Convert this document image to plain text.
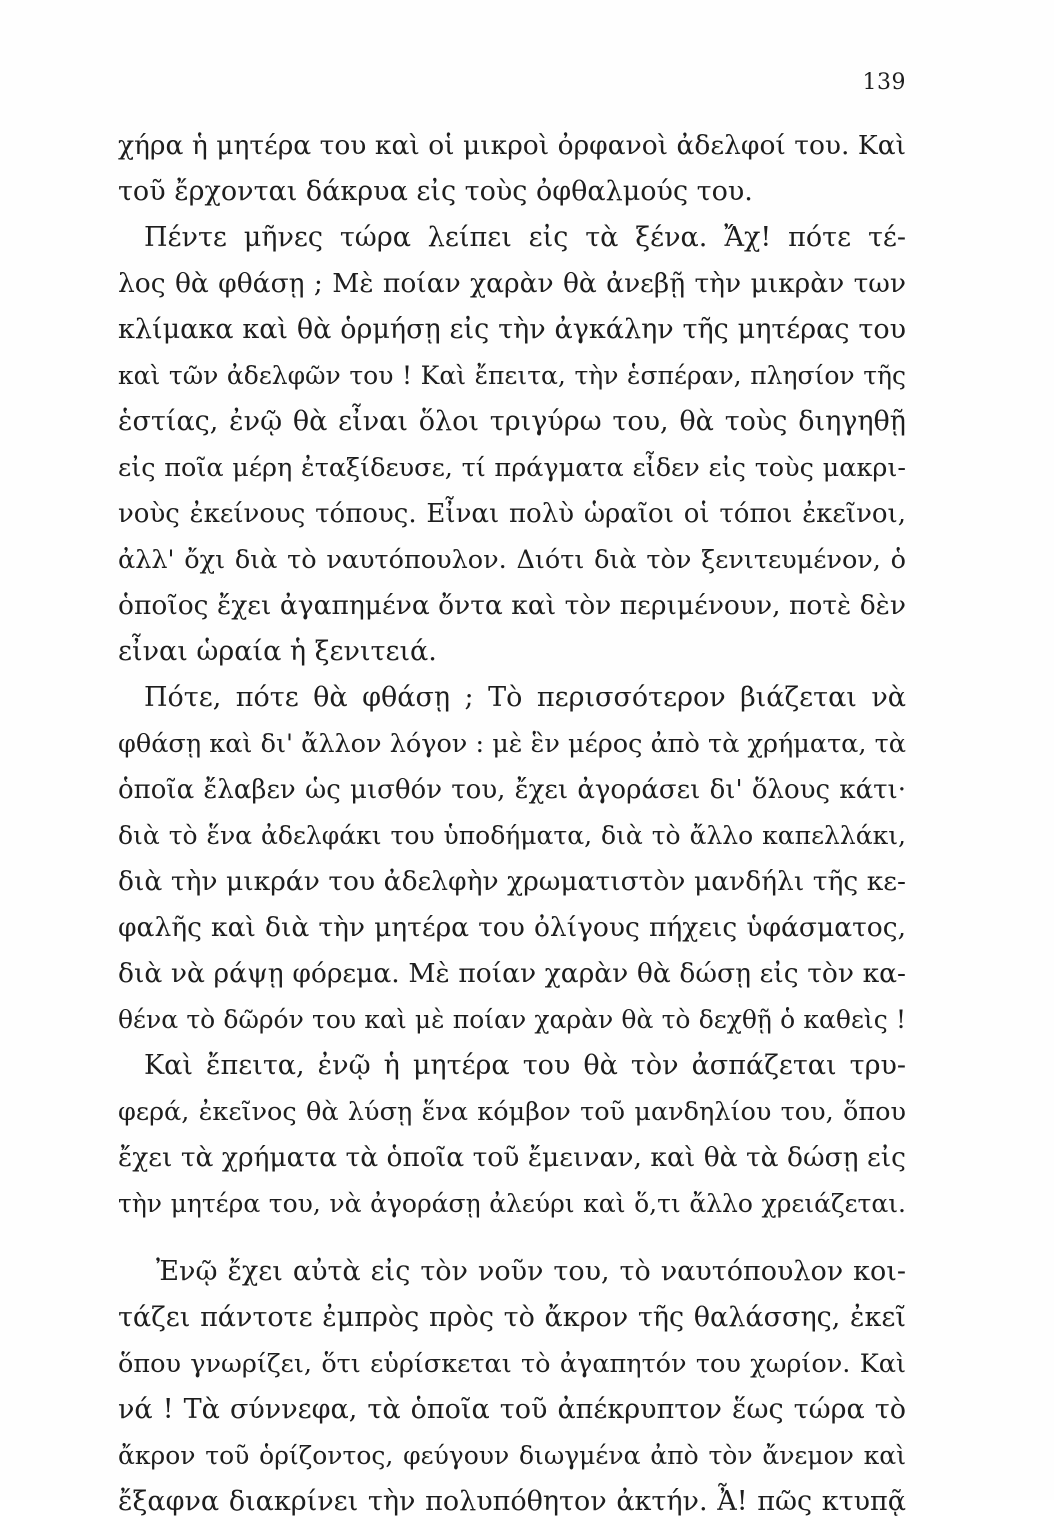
139
χήρα ἡ μητέρα του καὶ οἱ μικροὶ ὀρφανοὶ ἀδελφοί του. Καὶ
τοῦ ἔρχονται δάκρυα εἰς τοὺς ὀφθαλμούς του.
Πέντε μῆνες τώρα λείπει εἰς τὰ ξένα. Ἄχ! πότε τέ-
λος θὰ φθάσῃ ; Μὲ ποίαν χαρὰν θὰ ἀνεβῇ τὴν μικρὰν των
κλίμακα καὶ θὰ ὁρμήσῃ εἰς τὴν ἀγκάλην τῆς μητέρας του
καὶ τῶν ἀδελφῶν του ! Καὶ ἔπειτα, τὴν ἑσπέραν, πλησίον τῆς
ἑστίας, ἐνῷ θὰ εἶναι ὅλοι τριγύρω του, θὰ τοὺς διηγηθῇ
εἰς ποῖα μέρη ἐταξίδευσε, τί πράγματα εἶδεν εἰς τοὺς μακρι-
νοὺς ἐκείνους τόπους. Εἶναι πολὺ ὡραῖοι οἱ τόποι ἐκεῖνοι,
ἀλλ' ὄχι διὰ τὸ ναυτόπουλον. Διότι διὰ τὸν ξενιτευμένον, ὁ
ὁποῖος ἔχει ἀγαπημένα ὄντα καὶ τὸν περιμένουν, ποτὲ δὲν
εἶναι ὡραία ἡ ξενιτειά.
Πότε, πότε θὰ φθάσῃ ; Τὸ περισσότερον βιάζεται νὰ
φθάσῃ καὶ δι' ἄλλον λόγον : μὲ ἓν μέρος ἀπὸ τὰ χρήματα, τὰ
ὁποῖα ἔλαβεν ὡς μισθόν του, ἔχει ἀγοράσει δι' ὅλους κάτι·
διὰ τὸ ἕνα ἀδελφάκι του ὑποδήματα, διὰ τὸ ἄλλο καπελλάκι,
διὰ τὴν μικράν του ἀδελφὴν χρωματιστὸν μανδήλι τῆς κε-
φαλῆς καὶ διὰ τὴν μητέρα του ὀλίγους πήχεις ὑφάσματος,
διὰ νὰ ράψῃ φόρεμα. Μὲ ποίαν χαρὰν θὰ δώσῃ εἰς τὸν κα-
θένα τὸ δῶρόν του καὶ μὲ ποίαν χαρὰν θὰ τὸ δεχθῇ ὁ καθεὶς !
Καὶ ἔπειτα, ἐνῷ ἡ μητέρα του θὰ τὸν ἀσπάζεται τρυ-
φερά, ἐκεῖνος θὰ λύσῃ ἕνα κόμβον τοῦ μανδηλίου του, ὅπου
ἔχει τὰ χρήματα τὰ ὁποῖα τοῦ ἔμειναν, καὶ θὰ τὰ δώσῃ εἰς
τὴν μητέρα του, νὰ ἀγοράσῃ ἀλεύρι καὶ ὅ,τι ἄλλο χρειάζεται.
Ἐνῷ ἔχει αὐτὰ εἰς τὸν νοῦν του, τὸ ναυτόπουλον κοι-
τάζει πάντοτε ἐμπρὸς πρὸς τὸ ἄκρον τῆς θαλάσσης, ἐκεῖ
ὅπου γνωρίζει, ὅτι εὑρίσκεται τὸ ἀγαπητόν του χωρίον. Καὶ
νά ! Τὰ σύννεφα, τὰ ὁποῖα τοῦ ἀπέκρυπτον ἕως τώρα τὸ
ἄκρον τοῦ ὁρίζοντος, φεύγουν διωγμένα ἀπὸ τὸν ἄνεμον καὶ
ἔξαφνα διακρίνει τὴν πολυπόθητον ἀκτήν. Ἆ! πῶς κτυπᾷ
